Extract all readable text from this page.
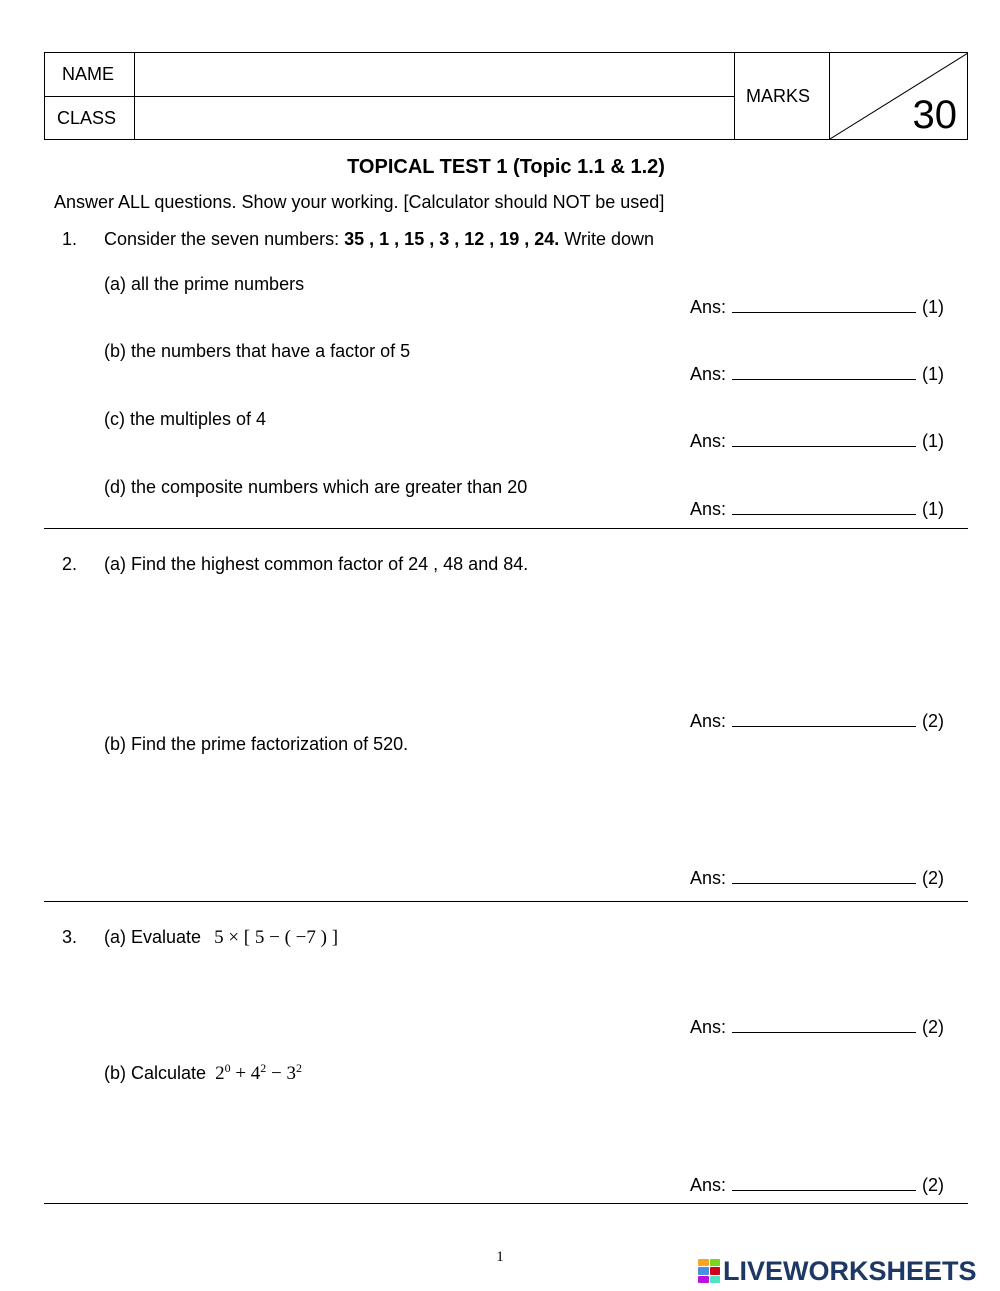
NAME
CLASS
MARKS	30
TOPICAL TEST 1 (Topic 1.1 & 1.2)
Answer ALL questions. Show your working. [Calculator should NOT be used]
1. Consider the seven numbers: 35 , 1 , 15 , 3 , 12 , 19 , 24. Write down
(a) all the prime numbers
Ans:	(1)
(b) the numbers that have a factor of 5
Ans:	(1)
(c) the multiples of 4
Ans:	(1)
(d) the composite numbers which are greater than 20
Ans:	(1)
2. (a) Find the highest common factor of 24 , 48 and 84.
Ans:	(2)
(b) Find the prime factorization of 520.
Ans:	(2)
3. (a) Evaluate 5 × [ 5 − ( −7 ) ]
Ans:	(2)
(b) Calculate $2^0 + 4^2 - 3^2$
Ans:	(2)
1	LIVEWORKSHEETS
